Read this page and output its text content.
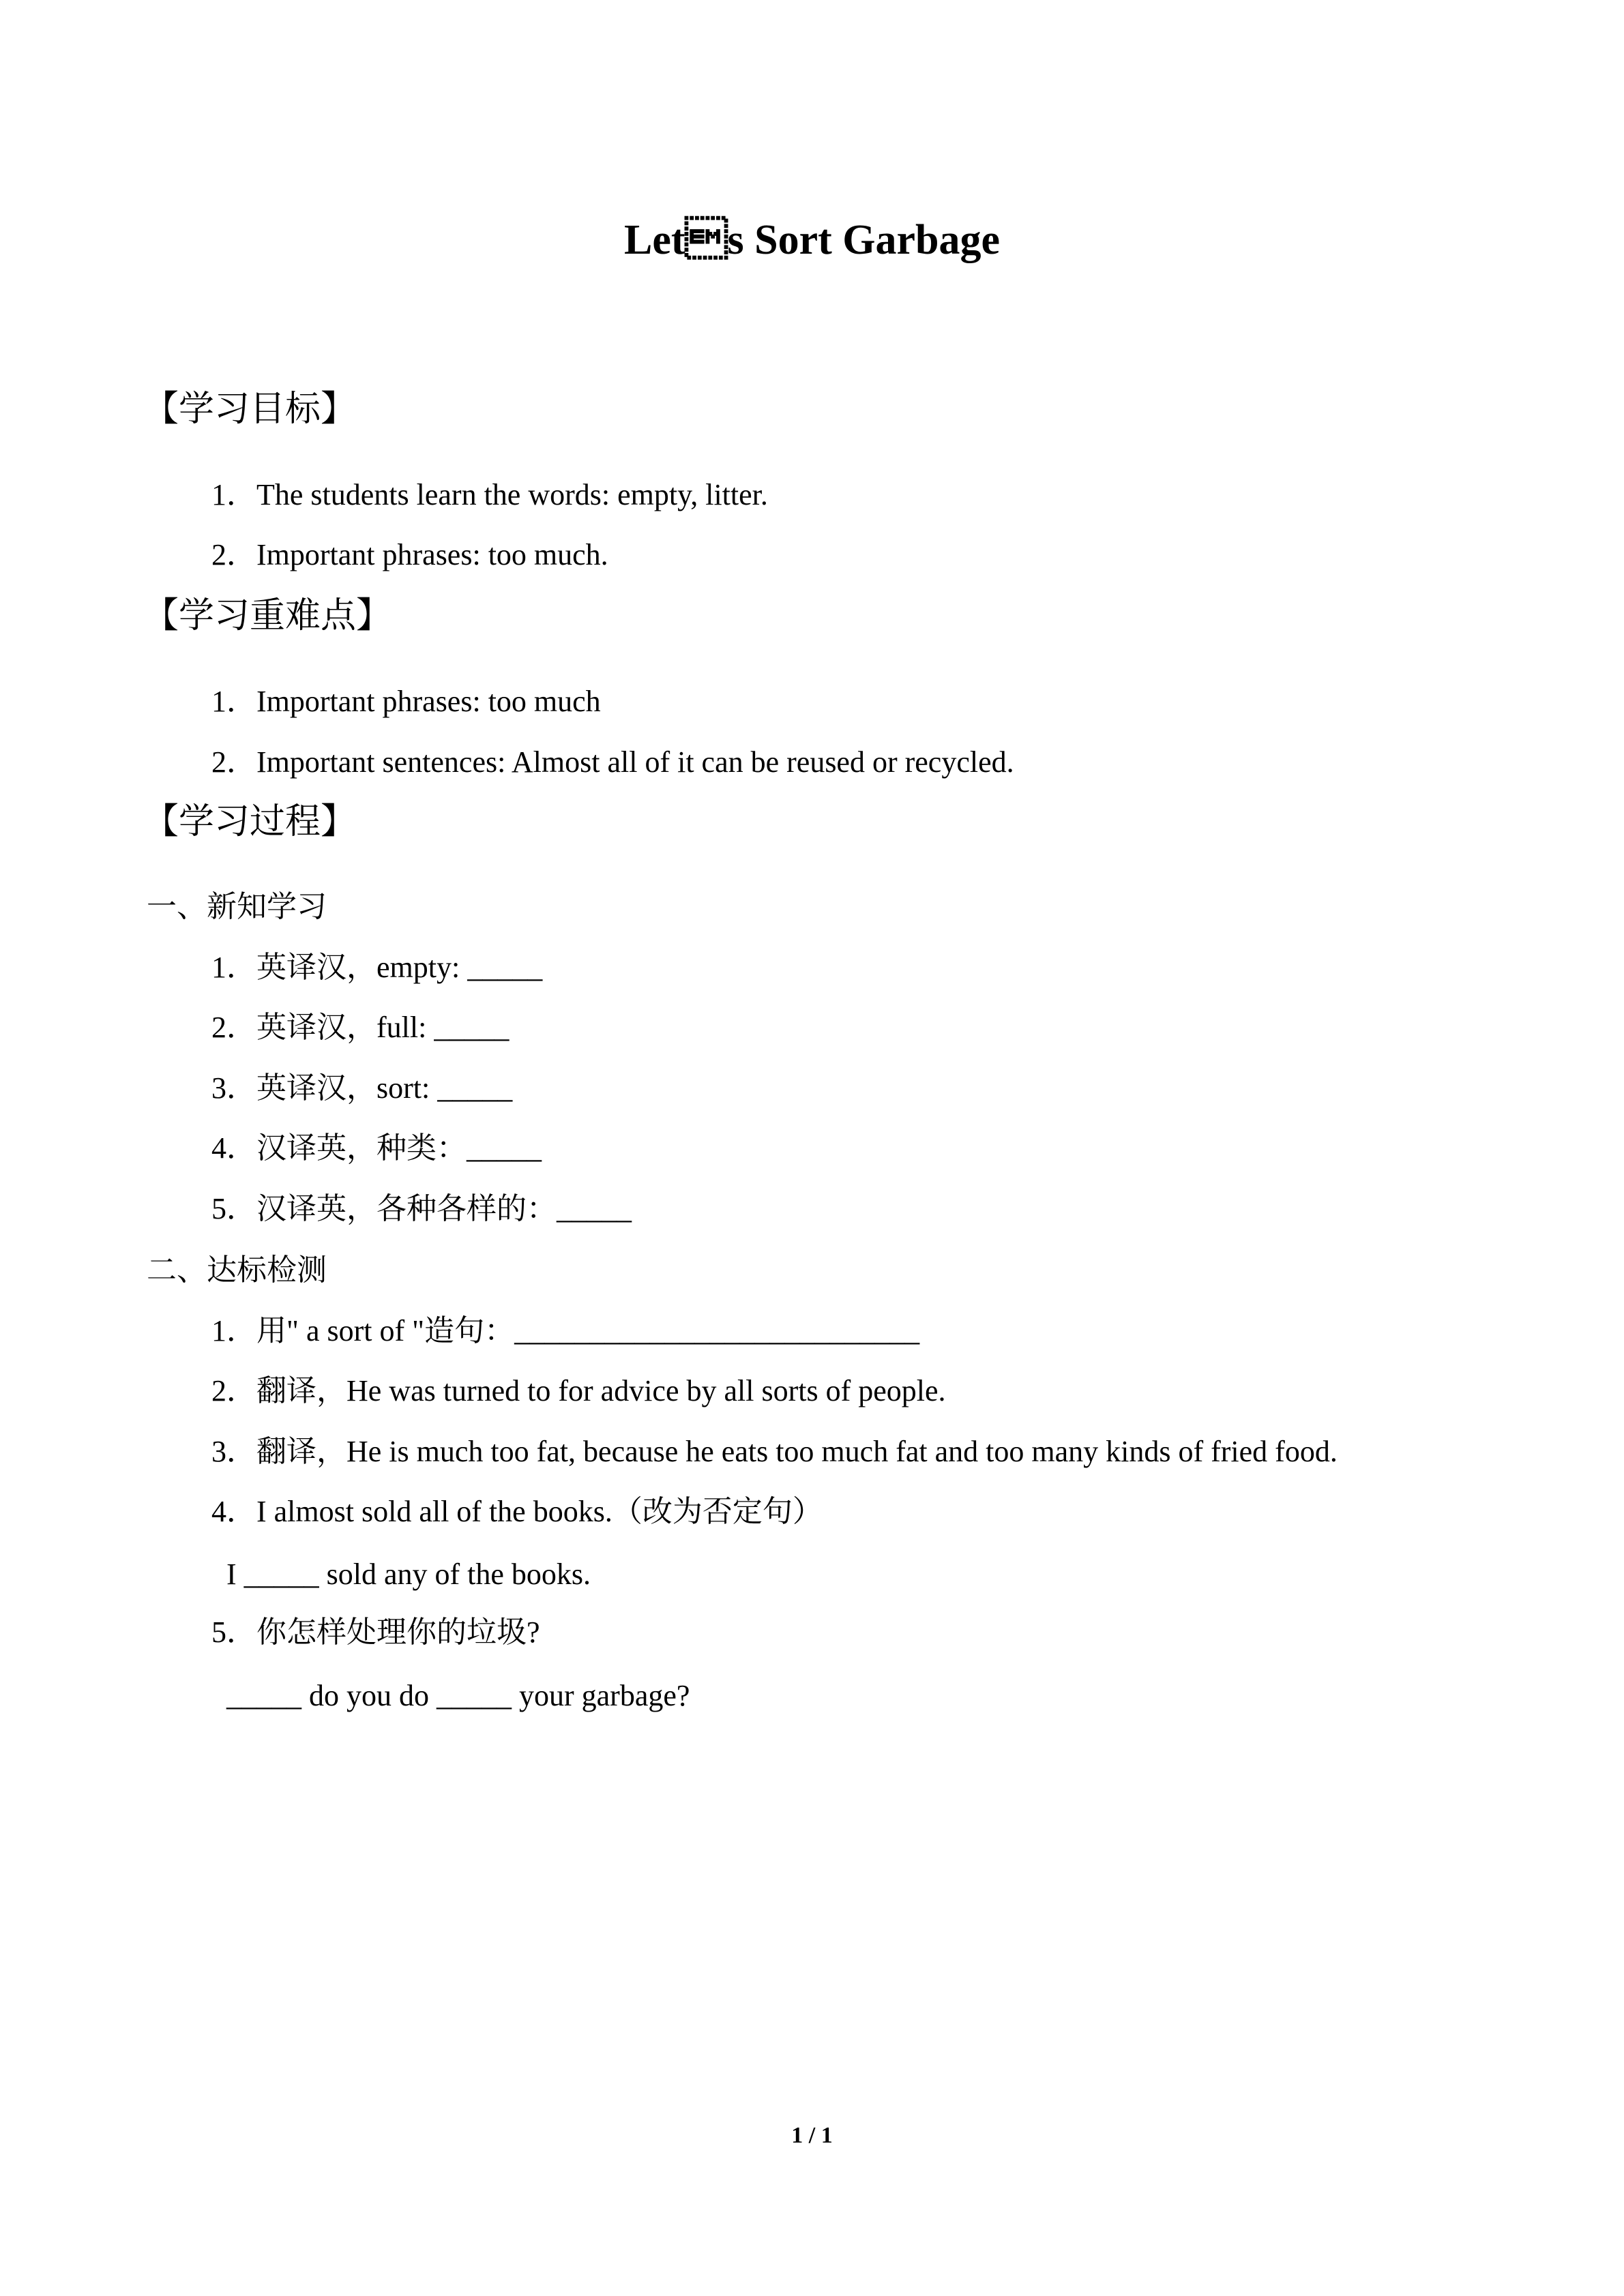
Lets Sort Garbage
【学习目标】
1．The students learn the words: empty, litter.
2．Important phrases: too much.
【学习重难点】
1．Important phrases: too much
2．Important sentences: Almost all of it can be reused or recycled.
【学习过程】
一、新知学习
1．英译汉，empty: _____
2．英译汉，full: _____
3．英译汉，sort: _____
4．汉译英，种类：_____
5．汉译英，各种各样的：_____
二、达标检测
1．用" a sort of "造句：___________________________
2．翻译，He was turned to for advice by all sorts of people.
3．翻译，He is much too fat, because he eats too much fat and too many kinds of fried food.
4．I almost sold all of the books.（改为否定句）
I _____ sold any of the books.
5．你怎样处理你的垃圾?
_____ do you do _____ your garbage?
1 / 1
